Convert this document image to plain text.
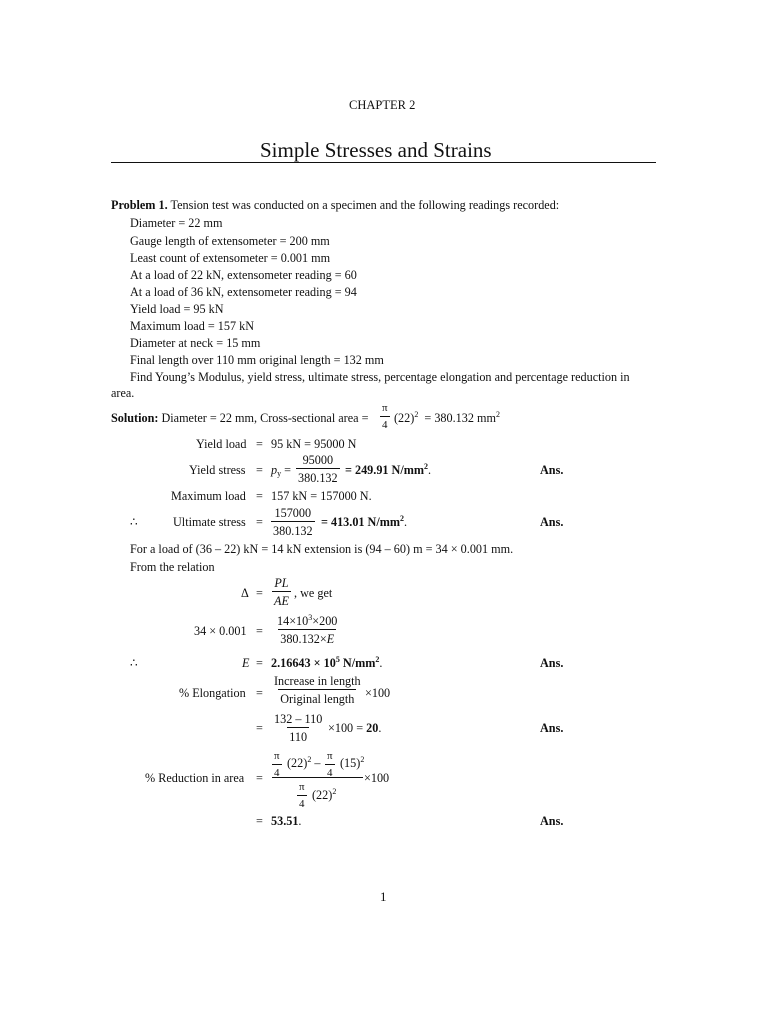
CHAPTER 2
Simple Stresses and Strains
Problem 1. Tension test was conducted on a specimen and the following readings recorded:
Diameter = 22 mm
Gauge length of extensometer = 200 mm
Least count of extensometer = 0.001 mm
At a load of 22 kN, extensometer reading = 60
At a load of 36 kN, extensometer reading = 94
Yield load = 95 kN
Maximum load = 157 kN
Diameter at neck = 15 mm
Final length over 110 mm original length = 132 mm
Find Young’s Modulus, yield stress, ultimate stress, percentage elongation and percentage reduction in
area.
Solution: Diameter = 22 mm, Cross-sectional area = $\frac{\pi}{4} (22)^2 = 380.132$ $mm^2$
Yield load = 95 kN = 95000 N
Yield stress = $p_y = \frac{95000}{380.132} = 249.91$ $N/mm^2$.	Ans.
Maximum load = 157 kN = 157000 N.
∴	Ultimate stress = $\frac{157000}{380.132} = 413.01$ $N/mm^2$.	Ans.
For a load of (36 – 22) kN = 14 kN extension is (94 – 60) m = 34 × 0.001 mm.
From the relation
$\Delta = \frac{PL}{AE}$ , we get
$34 \times 0.001 = \frac{14\times 10^3\times 200}{380.132\times E}$
∴	$E = 2.16643 \times 10^5$ $N/mm^2$.	Ans.
% Elongation =
Increase in length
Original length ×100
= $\frac{132 - 110}{110} \times 100 = 20$.	Ans.
% Reduction in area = $\frac{\pi}{4} (22)^2 - \frac{\pi}{4} (15)^2$
×100
$\frac{\pi}{4} (22)^2$
= 53.51.	Ans.
1
